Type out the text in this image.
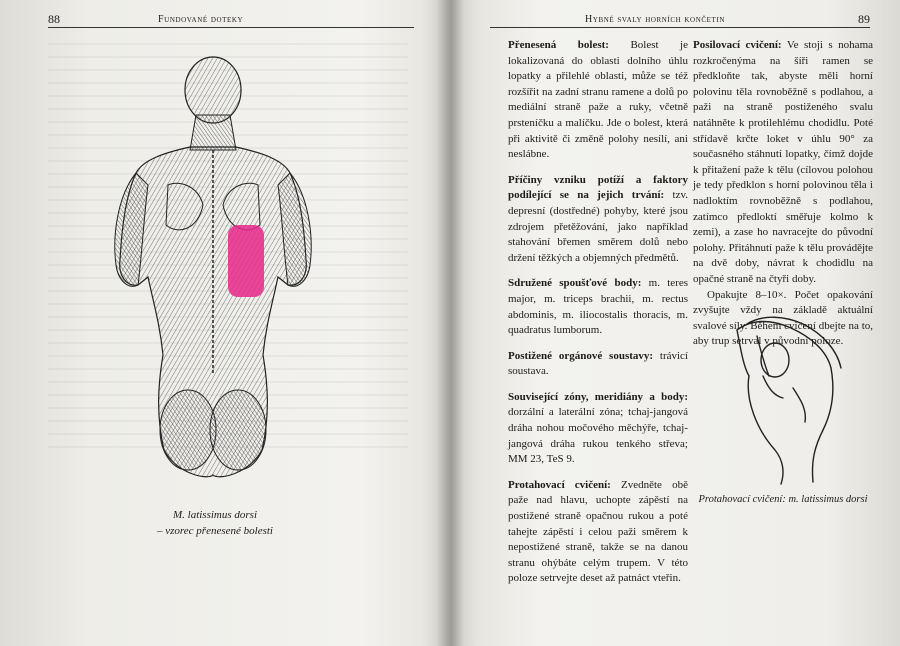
88	Fundované doteky
M. latissimus dorsi
– vzorec přenesené bolesti
Hybné svaly horních končetin	89

Přenesená bolest: Bolest je lokalizovaná do oblasti dolního úhlu lopatky a přilehlé oblasti, může se též rozšířit na zadní stranu ramene a dolů po mediální straně paže a ruky, včetně prsteníčku a malíčku. Jde o bolest, která při aktivitě či změně polohy nesílí, ani neslábne.

Příčiny vzniku potíží a faktory podílející se na jejich trvání: tzv. depresní (dostředné) pohyby, které jsou zdrojem přetěžování, jako například stahování břemen směrem dolů nebo držení těžkých a objemných předmětů.

Sdružené spoušťové body: m. teres major, m. triceps brachii, m. rectus abdominis, m. iliocostalis thoracis, m. quadratus lumborum.

Postižené orgánové soustavy: trávicí soustava.

Související zóny, meridiány a body: dorzální a laterální zóna; tchaj-jangová dráha nohou močového měchýře, tchaj-jangová dráha rukou tenkého střeva; MM 23, TeS 9.

Protahovací cvičení: Zvedněte obě paže nad hlavu, uchopte zápěstí na postižené straně opačnou rukou a poté tahejte zápěstí i celou paži směrem k nepostižené straně, takže se na danou stranu ohýbáte celým trupem. V této poloze setrvejte deset až patnáct vteřin.

Posilovací cvičení: Ve stoji s nohama rozkročenýma na šíři ramen se předkloňte tak, abyste měli horní polovinu těla rovnoběžně s podlahou, a paži na straně postiženého svalu natáhněte k protilehlému chodidlu. Poté střídavě krčte loket v úhlu 90° za současného stáhnutí lopatky, čímž dojde k přitažení paže k tělu (cílovou polohou je tedy předklon s horní polovinou těla i nadloktím rovnoběžně s podlahou, zatímco předloktí směřuje kolmo k zemi), a zase ho navracejte do původní polohy. Přitáhnutí paže k tělu provádějte na dvě doby, návrat k chodidlu na opačné straně na čtyři doby.

Opakujte 8–10×. Počet opakování zvyšujte vždy na základě aktuální svalové síly. Během cvičení dbejte na to, aby trup setrval v původní poloze.

Protahovací cvičení: m. latissimus dorsi
